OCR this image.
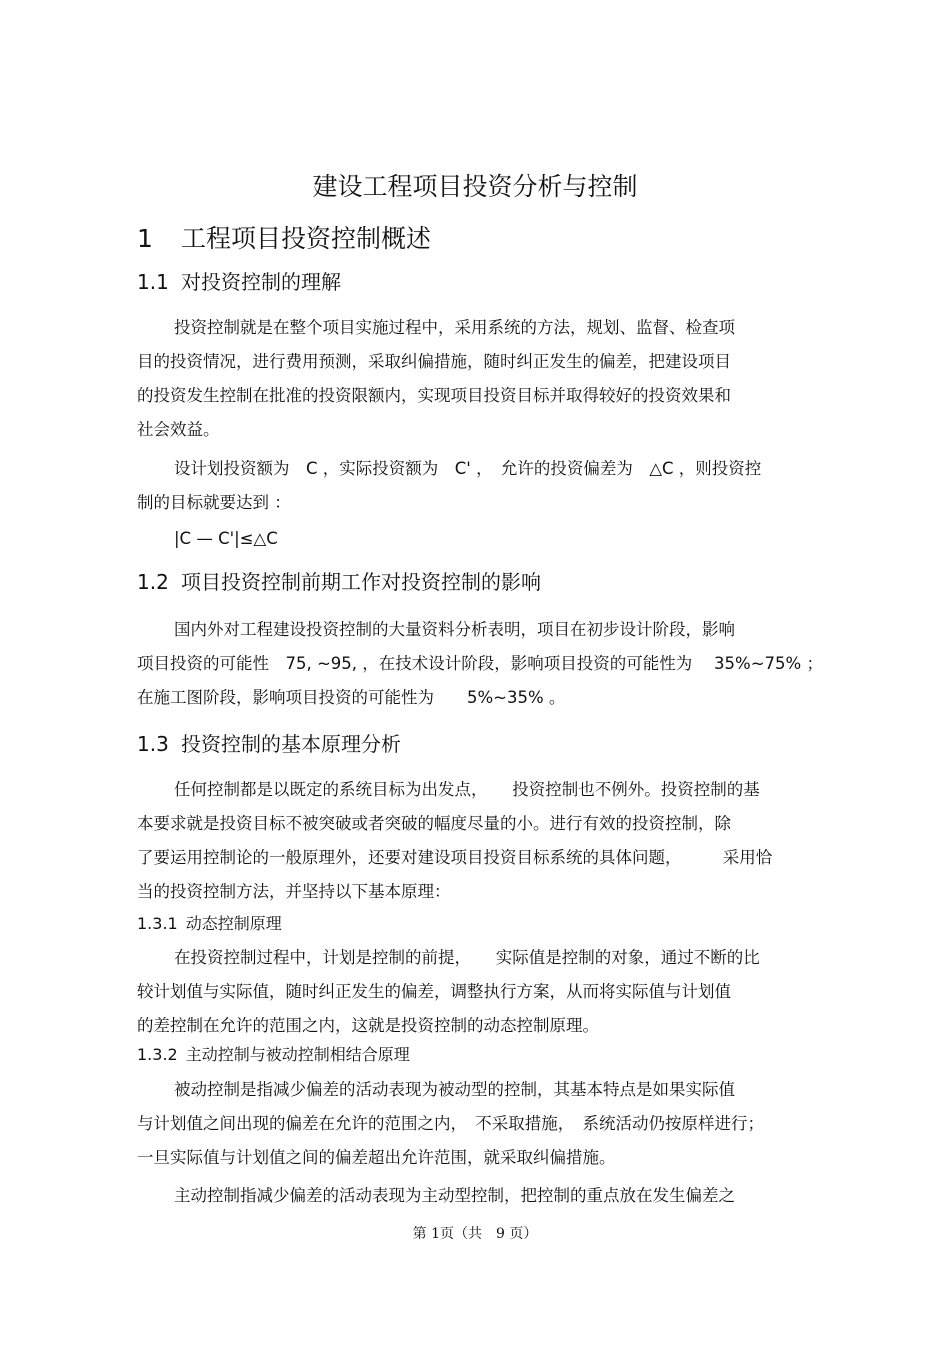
建设工程项目投资分析与控制
1 工程项目投资控制概述
1.1 对投资控制的理解
投资控制就是在整个项目实施过程中，采用系统的方法，规划、监督、检查项
目的投资情况，进行费用预测，采取纠偏措施，随时纠正发生的偏差，把建设项目
的投资发生控制在批准的投资限额内，实现项目投资目标并取得较好的投资效果和
社会效益。
设计划投资额为　C ，实际投资额为　C' ，　允许的投资偏差为　△C ，则投资控
制的目标就要达到 ：
|C — C'|≤△C
1.2 项目投资控制前期工作对投资控制的影响
国内外对工程建设投资控制的大量资料分析表明，项目在初步设计阶段，影响
项目投资的可能性　75, ~95, ，在技术设计阶段，影响项目投资的可能性为　 35%~75% ；
在施工图阶段，影响项目投资的可能性为　　5%~35% 。
1.3 投资控制的基本原理分析
任何控制都是以既定的系统目标为出发点，　　投资控制也不例外。投资控制的基
本要求就是投资目标不被突破或者突破的幅度尽量的小。进行有效的投资控制，除
了要运用控制论的一般原理外，还要对建设项目投资目标系统的具体问题，　　　采用恰
当的投资控制方法，并坚持以下基本原理：
1.3.1 动态控制原理
在投资控制过程中，计划是控制的前提，　　实际值是控制的对象，通过不断的比
较计划值与实际值，随时纠正发生的偏差，调整执行方案，从而将实际值与计划值
的差控制在允许的范围之内，这就是投资控制的动态控制原理。
1.3.2 主动控制与被动控制相结合原理
被动控制是指减少偏差的活动表现为被动型的控制，其基本特点是如果实际值
与计划值之间出现的偏差在允许的范围之内，　不采取措施，　系统活动仍按原样进行；
一旦实际值与计划值之间的偏差超出允许范围，就采取纠偏措施。
主动控制指减少偏差的活动表现为主动型控制，把控制的重点放在发生偏差之
第 1页（共　9 页）
